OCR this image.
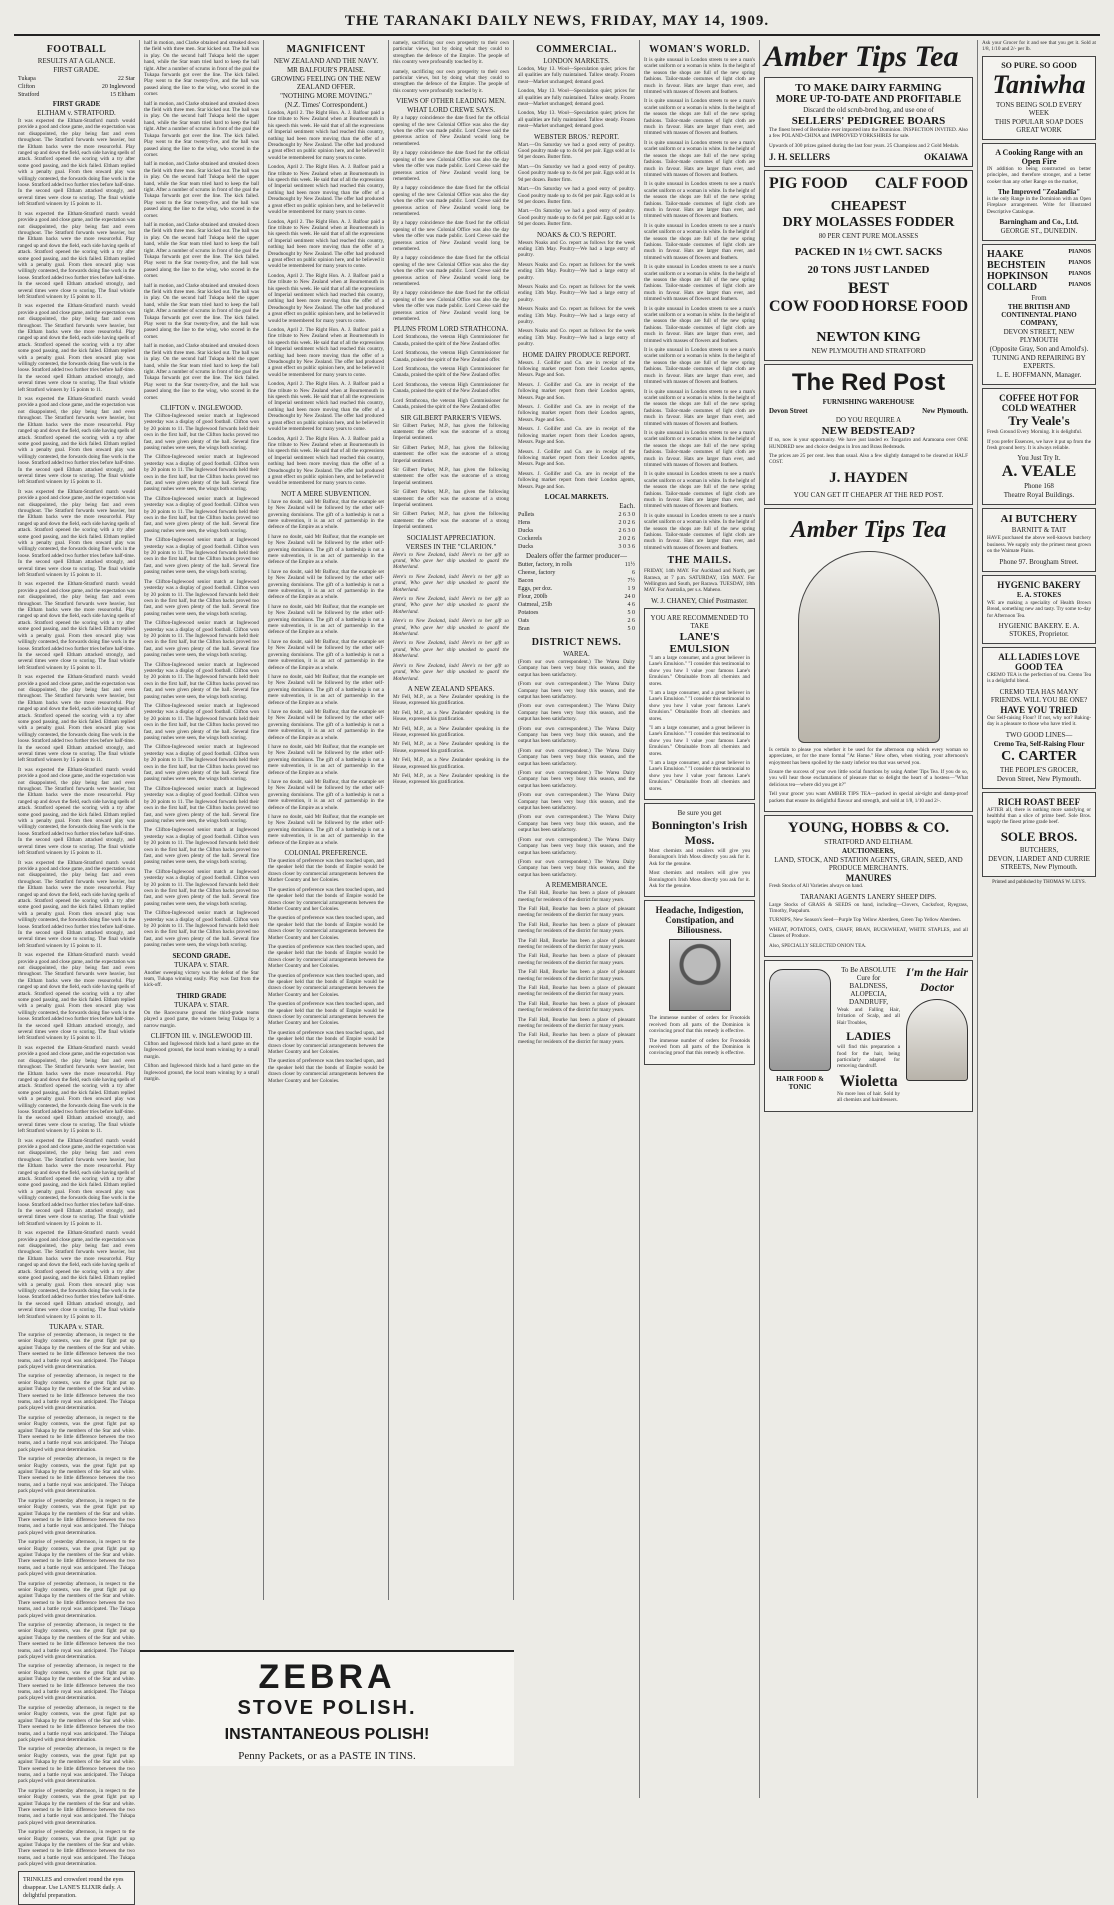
THE TARANAKI DAILY NEWS, FRIDAY, MAY 14, 1909.
FOOTBALL
RESULTS AT A GLANCE.
FIRST GRADE.
Tukapa	22 Star
Clifton	20 Inglewood
Stratford	15 Eltham
FIRST GRADE
ELTHAM v. STRATFORD.

It was expected the Eltham-Stratford match would provide a good and close game, and the expectation was not disappointed, the play being fast and even throughout. The Stratford forwards were heavier, but the Eltham backs were the more resourceful. Play ranged up and down the field, each side having spells of attack. Stratford opened the scoring with a try after some good passing, and the kick failed. Eltham replied with a penalty goal. From then onward play was willingly contested, the forwards doing fine work in the loose. Stratford added two further tries before half-time. In the second spell Eltham attacked strongly, and several times were close to scoring. The final whistle left Stratford winners by 15 points to 11.

It was expected the Eltham-Stratford match would provide a good and close game, and the expectation was not disappointed, the play being fast and even throughout. The Stratford forwards were heavier, but the Eltham backs were the more resourceful. Play ranged up and down the field, each side having spells of attack. Stratford opened the scoring with a try after some good passing, and the kick failed. Eltham replied with a penalty goal. From then onward play was willingly contested, the forwards doing fine work in the loose. Stratford added two further tries before half-time. In the second spell Eltham attacked strongly, and several times were close to scoring. The final whistle left Stratford winners by 15 points to 11.

It was expected the Eltham-Stratford match would provide a good and close game, and the expectation was not disappointed, the play being fast and even throughout. The Stratford forwards were heavier, but the Eltham backs were the more resourceful. Play ranged up and down the field, each side having spells of attack. Stratford opened the scoring with a try after some good passing, and the kick failed. Eltham replied with a penalty goal. From then onward play was willingly contested, the forwards doing fine work in the loose. Stratford added two further tries before half-time. In the second spell Eltham attacked strongly, and several times were close to scoring. The final whistle left Stratford winners by 15 points to 11.

It was expected the Eltham-Stratford match would provide a good and close game, and the expectation was not disappointed, the play being fast and even throughout. The Stratford forwards were heavier, but the Eltham backs were the more resourceful. Play ranged up and down the field, each side having spells of attack. Stratford opened the scoring with a try after some good passing, and the kick failed. Eltham replied with a penalty goal. From then onward play was willingly contested, the forwards doing fine work in the loose. Stratford added two further tries before half-time. In the second spell Eltham attacked strongly, and several times were close to scoring. The final whistle left Stratford winners by 15 points to 11.

It was expected the Eltham-Stratford match would provide a good and close game, and the expectation was not disappointed, the play being fast and even throughout. The Stratford forwards were heavier, but the Eltham backs were the more resourceful. Play ranged up and down the field, each side having spells of attack. Stratford opened the scoring with a try after some good passing, and the kick failed. Eltham replied with a penalty goal. From then onward play was willingly contested, the forwards doing fine work in the loose. Stratford added two further tries before half-time. In the second spell Eltham attacked strongly, and several times were close to scoring. The final whistle left Stratford winners by 15 points to 11.

It was expected the Eltham-Stratford match would provide a good and close game, and the expectation was not disappointed, the play being fast and even throughout. The Stratford forwards were heavier, but the Eltham backs were the more resourceful. Play ranged up and down the field, each side having spells of attack. Stratford opened the scoring with a try after some good passing, and the kick failed. Eltham replied with a penalty goal. From then onward play was willingly contested, the forwards doing fine work in the loose. Stratford added two further tries before half-time. In the second spell Eltham attacked strongly, and several times were close to scoring. The final whistle left Stratford winners by 15 points to 11.

It was expected the Eltham-Stratford match would provide a good and close game, and the expectation was not disappointed, the play being fast and even throughout. The Stratford forwards were heavier, but the Eltham backs were the more resourceful. Play ranged up and down the field, each side having spells of attack. Stratford opened the scoring with a try after some good passing, and the kick failed. Eltham replied with a penalty goal. From then onward play was willingly contested, the forwards doing fine work in the loose. Stratford added two further tries before half-time. In the second spell Eltham attacked strongly, and several times were close to scoring. The final whistle left Stratford winners by 15 points to 11.

It was expected the Eltham-Stratford match would provide a good and close game, and the expectation was not disappointed, the play being fast and even throughout. The Stratford forwards were heavier, but the Eltham backs were the more resourceful. Play ranged up and down the field, each side having spells of attack. Stratford opened the scoring with a try after some good passing, and the kick failed. Eltham replied with a penalty goal. From then onward play was willingly contested, the forwards doing fine work in the loose. Stratford added two further tries before half-time. In the second spell Eltham attacked strongly, and several times were close to scoring. The final whistle left Stratford winners by 15 points to 11.

It was expected the Eltham-Stratford match would provide a good and close game, and the expectation was not disappointed, the play being fast and even throughout. The Stratford forwards were heavier, but the Eltham backs were the more resourceful. Play ranged up and down the field, each side having spells of attack. Stratford opened the scoring with a try after some good passing, and the kick failed. Eltham replied with a penalty goal. From then onward play was willingly contested, the forwards doing fine work in the loose. Stratford added two further tries before half-time. In the second spell Eltham attacked strongly, and several times were close to scoring. The final whistle left Stratford winners by 15 points to 11.

It was expected the Eltham-Stratford match would provide a good and close game, and the expectation was not disappointed, the play being fast and even throughout. The Stratford forwards were heavier, but the Eltham backs were the more resourceful. Play ranged up and down the field, each side having spells of attack. Stratford opened the scoring with a try after some good passing, and the kick failed. Eltham replied with a penalty goal. From then onward play was willingly contested, the forwards doing fine work in the loose. Stratford added two further tries before half-time. In the second spell Eltham attacked strongly, and several times were close to scoring. The final whistle left Stratford winners by 15 points to 11.

It was expected the Eltham-Stratford match would provide a good and close game, and the expectation was not disappointed, the play being fast and even throughout. The Stratford forwards were heavier, but the Eltham backs were the more resourceful. Play ranged up and down the field, each side having spells of attack. Stratford opened the scoring with a try after some good passing, and the kick failed. Eltham replied with a penalty goal. From then onward play was willingly contested, the forwards doing fine work in the loose. Stratford added two further tries before half-time. In the second spell Eltham attacked strongly, and several times were close to scoring. The final whistle left Stratford winners by 15 points to 11.

It was expected the Eltham-Stratford match would provide a good and close game, and the expectation was not disappointed, the play being fast and even throughout. The Stratford forwards were heavier, but the Eltham backs were the more resourceful. Play ranged up and down the field, each side having spells of attack. Stratford opened the scoring with a try after some good passing, and the kick failed. Eltham replied with a penalty goal. From then onward play was willingly contested, the forwards doing fine work in the loose. Stratford added two further tries before half-time. In the second spell Eltham attacked strongly, and several times were close to scoring. The final whistle left Stratford winners by 15 points to 11.

It was expected the Eltham-Stratford match would provide a good and close game, and the expectation was not disappointed, the play being fast and even throughout. The Stratford forwards were heavier, but the Eltham backs were the more resourceful. Play ranged up and down the field, each side having spells of attack. Stratford opened the scoring with a try after some good passing, and the kick failed. Eltham replied with a penalty goal. From then onward play was willingly contested, the forwards doing fine work in the loose. Stratford added two further tries before half-time. In the second spell Eltham attacked strongly, and several times were close to scoring. The final whistle left Stratford winners by 15 points to 11.

TUKAPA v. STAR.

The surprise of yesterday afternoon, in respect to the senior Rugby contests, was the great fight put up against Tukapa by the members of the Star and white. There seemed to be little difference between the two teams, and a battle royal was anticipated. The Tukapa pack played with great determination.

The surprise of yesterday afternoon, in respect to the senior Rugby contests, was the great fight put up against Tukapa by the members of the Star and white. There seemed to be little difference between the two teams, and a battle royal was anticipated. The Tukapa pack played with great determination.

The surprise of yesterday afternoon, in respect to the senior Rugby contests, was the great fight put up against Tukapa by the members of the Star and white. There seemed to be little difference between the two teams, and a battle royal was anticipated. The Tukapa pack played with great determination.

The surprise of yesterday afternoon, in respect to the senior Rugby contests, was the great fight put up against Tukapa by the members of the Star and white. There seemed to be little difference between the two teams, and a battle royal was anticipated. The Tukapa pack played with great determination.

The surprise of yesterday afternoon, in respect to the senior Rugby contests, was the great fight put up against Tukapa by the members of the Star and white. There seemed to be little difference between the two teams, and a battle royal was anticipated. The Tukapa pack played with great determination.

The surprise of yesterday afternoon, in respect to the senior Rugby contests, was the great fight put up against Tukapa by the members of the Star and white. There seemed to be little difference between the two teams, and a battle royal was anticipated. The Tukapa pack played with great determination.

The surprise of yesterday afternoon, in respect to the senior Rugby contests, was the great fight put up against Tukapa by the members of the Star and white. There seemed to be little difference between the two teams, and a battle royal was anticipated. The Tukapa pack played with great determination.

The surprise of yesterday afternoon, in respect to the senior Rugby contests, was the great fight put up against Tukapa by the members of the Star and white. There seemed to be little difference between the two teams, and a battle royal was anticipated. The Tukapa pack played with great determination.

The surprise of yesterday afternoon, in respect to the senior Rugby contests, was the great fight put up against Tukapa by the members of the Star and white. There seemed to be little difference between the two teams, and a battle royal was anticipated. The Tukapa pack played with great determination.

The surprise of yesterday afternoon, in respect to the senior Rugby contests, was the great fight put up against Tukapa by the members of the Star and white. There seemed to be little difference between the two teams, and a battle royal was anticipated. The Tukapa pack played with great determination.

The surprise of yesterday afternoon, in respect to the senior Rugby contests, was the great fight put up against Tukapa by the members of the Star and white. There seemed to be little difference between the two teams, and a battle royal was anticipated. The Tukapa pack played with great determination.

The surprise of yesterday afternoon, in respect to the senior Rugby contests, was the great fight put up against Tukapa by the members of the Star and white. There seemed to be little difference between the two teams, and a battle royal was anticipated. The Tukapa pack played with great determination.

The surprise of yesterday afternoon, in respect to the senior Rugby contests, was the great fight put up against Tukapa by the members of the Star and white. There seemed to be little difference between the two teams, and a battle royal was anticipated. The Tukapa pack played with great determination.

TRINKLES and crowsfeet round the eyes disappear. Use LANE'S ELIXIR daily. A delightful preparation.

half in motion, and Clarke obtained and streaked down the field with three men. Star kicked out. The ball was in play. On the second half Tukapa held the upper hand, while the Star team tried hard to keep the ball tight. After a number of scrums in front of the goal the Tukapa forwards got over the line. The kick failed. Play went to the Star twenty-five, and the ball was passed along the line to the wing, who scored in the corner.

half in motion, and Clarke obtained and streaked down the field with three men. Star kicked out. The ball was in play. On the second half Tukapa held the upper hand, while the Star team tried hard to keep the ball tight. After a number of scrums in front of the goal the Tukapa forwards got over the line. The kick failed. Play went to the Star twenty-five, and the ball was passed along the line to the wing, who scored in the corner.

half in motion, and Clarke obtained and streaked down the field with three men. Star kicked out. The ball was in play. On the second half Tukapa held the upper hand, while the Star team tried hard to keep the ball tight. After a number of scrums in front of the goal the Tukapa forwards got over the line. The kick failed. Play went to the Star twenty-five, and the ball was passed along the line to the wing, who scored in the corner.

half in motion, and Clarke obtained and streaked down the field with three men. Star kicked out. The ball was in play. On the second half Tukapa held the upper hand, while the Star team tried hard to keep the ball tight. After a number of scrums in front of the goal the Tukapa forwards got over the line. The kick failed. Play went to the Star twenty-five, and the ball was passed along the line to the wing, who scored in the corner.

half in motion, and Clarke obtained and streaked down the field with three men. Star kicked out. The ball was in play. On the second half Tukapa held the upper hand, while the Star team tried hard to keep the ball tight. After a number of scrums in front of the goal the Tukapa forwards got over the line. The kick failed. Play went to the Star twenty-five, and the ball was passed along the line to the wing, who scored in the corner.

half in motion, and Clarke obtained and streaked down the field with three men. Star kicked out. The ball was in play. On the second half Tukapa held the upper hand, while the Star team tried hard to keep the ball tight. After a number of scrums in front of the goal the Tukapa forwards got over the line. The kick failed. Play went to the Star twenty-five, and the ball was passed along the line to the wing, who scored in the corner.

CLIFTON v. INGLEWOOD.

The Clifton-Inglewood senior match at Inglewood yesterday was a display of good football. Clifton won by 20 points to 11. The Inglewood forwards held their own in the first half, but the Clifton backs proved too fast, and were given plenty of the ball. Several fine passing rushes were seen, the wings both scoring.

The Clifton-Inglewood senior match at Inglewood yesterday was a display of good football. Clifton won by 20 points to 11. The Inglewood forwards held their own in the first half, but the Clifton backs proved too fast, and were given plenty of the ball. Several fine passing rushes were seen, the wings both scoring.

The Clifton-Inglewood senior match at Inglewood yesterday was a display of good football. Clifton won by 20 points to 11. The Inglewood forwards held their own in the first half, but the Clifton backs proved too fast, and were given plenty of the ball. Several fine passing rushes were seen, the wings both scoring.

The Clifton-Inglewood senior match at Inglewood yesterday was a display of good football. Clifton won by 20 points to 11. The Inglewood forwards held their own in the first half, but the Clifton backs proved too fast, and were given plenty of the ball. Several fine passing rushes were seen, the wings both scoring.

The Clifton-Inglewood senior match at Inglewood yesterday was a display of good football. Clifton won by 20 points to 11. The Inglewood forwards held their own in the first half, but the Clifton backs proved too fast, and were given plenty of the ball. Several fine passing rushes were seen, the wings both scoring.

The Clifton-Inglewood senior match at Inglewood yesterday was a display of good football. Clifton won by 20 points to 11. The Inglewood forwards held their own in the first half, but the Clifton backs proved too fast, and were given plenty of the ball. Several fine passing rushes were seen, the wings both scoring.

The Clifton-Inglewood senior match at Inglewood yesterday was a display of good football. Clifton won by 20 points to 11. The Inglewood forwards held their own in the first half, but the Clifton backs proved too fast, and were given plenty of the ball. Several fine passing rushes were seen, the wings both scoring.

The Clifton-Inglewood senior match at Inglewood yesterday was a display of good football. Clifton won by 20 points to 11. The Inglewood forwards held their own in the first half, but the Clifton backs proved too fast, and were given plenty of the ball. Several fine passing rushes were seen, the wings both scoring.

The Clifton-Inglewood senior match at Inglewood yesterday was a display of good football. Clifton won by 20 points to 11. The Inglewood forwards held their own in the first half, but the Clifton backs proved too fast, and were given plenty of the ball. Several fine passing rushes were seen, the wings both scoring.

The Clifton-Inglewood senior match at Inglewood yesterday was a display of good football. Clifton won by 20 points to 11. The Inglewood forwards held their own in the first half, but the Clifton backs proved too fast, and were given plenty of the ball. Several fine passing rushes were seen, the wings both scoring.

The Clifton-Inglewood senior match at Inglewood yesterday was a display of good football. Clifton won by 20 points to 11. The Inglewood forwards held their own in the first half, but the Clifton backs proved too fast, and were given plenty of the ball. Several fine passing rushes were seen, the wings both scoring.

The Clifton-Inglewood senior match at Inglewood yesterday was a display of good football. Clifton won by 20 points to 11. The Inglewood forwards held their own in the first half, but the Clifton backs proved too fast, and were given plenty of the ball. Several fine passing rushes were seen, the wings both scoring.

The Clifton-Inglewood senior match at Inglewood yesterday was a display of good football. Clifton won by 20 points to 11. The Inglewood forwards held their own in the first half, but the Clifton backs proved too fast, and were given plenty of the ball. Several fine passing rushes were seen, the wings both scoring.

SECOND GRADE.
TUKAPA v. STAR.

Another sweeping victory was the defeat of the Star team, Tukapa winning easily. Play was fast from the kick-off.

THIRD GRADE
TUKAPA v. STAR.

On the Racecourse ground the third-grade teams played a good game, the winners being Tukapa by a narrow margin.

CLIFTON III. v. INGLEWOOD III.

Clifton and Inglewood thirds had a hard game on the Inglewood ground, the local team winning by a small margin.

Clifton and Inglewood thirds had a hard game on the Inglewood ground, the local team winning by a small margin.

MAGNIFICENT
NEW ZEALAND AND THE NAVY.
MR BALFOUR'S PRAISE.
GROWING FEELING ON THE NEW ZEALAND OFFER.
"NOTHING MORE MOVING."
(N.Z. Times' Correspondent.)

London, April 2. The Right Hon. A. J. Balfour paid a fine tribute to New Zealand when at Bournemouth in his speech this week. He said that of all the expressions of Imperial sentiment which had reached this country, nothing had been more moving than the offer of a Dreadnought by New Zealand. The offer had produced a great effect on public opinion here, and he believed it would be remembered for many years to come.

London, April 2. The Right Hon. A. J. Balfour paid a fine tribute to New Zealand when at Bournemouth in his speech this week. He said that of all the expressions of Imperial sentiment which had reached this country, nothing had been more moving than the offer of a Dreadnought by New Zealand. The offer had produced a great effect on public opinion here, and he believed it would be remembered for many years to come.

London, April 2. The Right Hon. A. J. Balfour paid a fine tribute to New Zealand when at Bournemouth in his speech this week. He said that of all the expressions of Imperial sentiment which had reached this country, nothing had been more moving than the offer of a Dreadnought by New Zealand. The offer had produced a great effect on public opinion here, and he believed it would be remembered for many years to come.

London, April 2. The Right Hon. A. J. Balfour paid a fine tribute to New Zealand when at Bournemouth in his speech this week. He said that of all the expressions of Imperial sentiment which had reached this country, nothing had been more moving than the offer of a Dreadnought by New Zealand. The offer had produced a great effect on public opinion here, and he believed it would be remembered for many years to come.

London, April 2. The Right Hon. A. J. Balfour paid a fine tribute to New Zealand when at Bournemouth in his speech this week. He said that of all the expressions of Imperial sentiment which had reached this country, nothing had been more moving than the offer of a Dreadnought by New Zealand. The offer had produced a great effect on public opinion here, and he believed it would be remembered for many years to come.

London, April 2. The Right Hon. A. J. Balfour paid a fine tribute to New Zealand when at Bournemouth in his speech this week. He said that of all the expressions of Imperial sentiment which had reached this country, nothing had been more moving than the offer of a Dreadnought by New Zealand. The offer had produced a great effect on public opinion here, and he believed it would be remembered for many years to come.

London, April 2. The Right Hon. A. J. Balfour paid a fine tribute to New Zealand when at Bournemouth in his speech this week. He said that of all the expressions of Imperial sentiment which had reached this country, nothing had been more moving than the offer of a Dreadnought by New Zealand. The offer had produced a great effect on public opinion here, and he believed it would be remembered for many years to come.

NOT A MERE SUBVENTION.

I have no doubt, said Mr Balfour, that the example set by New Zealand will be followed by the other self-governing dominions. The gift of a battleship is not a mere subvention, it is an act of partnership in the defence of the Empire as a whole.

I have no doubt, said Mr Balfour, that the example set by New Zealand will be followed by the other self-governing dominions. The gift of a battleship is not a mere subvention, it is an act of partnership in the defence of the Empire as a whole.

I have no doubt, said Mr Balfour, that the example set by New Zealand will be followed by the other self-governing dominions. The gift of a battleship is not a mere subvention, it is an act of partnership in the defence of the Empire as a whole.

I have no doubt, said Mr Balfour, that the example set by New Zealand will be followed by the other self-governing dominions. The gift of a battleship is not a mere subvention, it is an act of partnership in the defence of the Empire as a whole.

I have no doubt, said Mr Balfour, that the example set by New Zealand will be followed by the other self-governing dominions. The gift of a battleship is not a mere subvention, it is an act of partnership in the defence of the Empire as a whole.

I have no doubt, said Mr Balfour, that the example set by New Zealand will be followed by the other self-governing dominions. The gift of a battleship is not a mere subvention, it is an act of partnership in the defence of the Empire as a whole.

I have no doubt, said Mr Balfour, that the example set by New Zealand will be followed by the other self-governing dominions. The gift of a battleship is not a mere subvention, it is an act of partnership in the defence of the Empire as a whole.

I have no doubt, said Mr Balfour, that the example set by New Zealand will be followed by the other self-governing dominions. The gift of a battleship is not a mere subvention, it is an act of partnership in the defence of the Empire as a whole.

I have no doubt, said Mr Balfour, that the example set by New Zealand will be followed by the other self-governing dominions. The gift of a battleship is not a mere subvention, it is an act of partnership in the defence of the Empire as a whole.

I have no doubt, said Mr Balfour, that the example set by New Zealand will be followed by the other self-governing dominions. The gift of a battleship is not a mere subvention, it is an act of partnership in the defence of the Empire as a whole.

COLONIAL PREFERENCE.

The question of preference was then touched upon, and the speaker held that the bonds of Empire would be drawn closer by commercial arrangements between the Mother Country and her Colonies.

The question of preference was then touched upon, and the speaker held that the bonds of Empire would be drawn closer by commercial arrangements between the Mother Country and her Colonies.

The question of preference was then touched upon, and the speaker held that the bonds of Empire would be drawn closer by commercial arrangements between the Mother Country and her Colonies.

The question of preference was then touched upon, and the speaker held that the bonds of Empire would be drawn closer by commercial arrangements between the Mother Country and her Colonies.

The question of preference was then touched upon, and the speaker held that the bonds of Empire would be drawn closer by commercial arrangements between the Mother Country and her Colonies.

The question of preference was then touched upon, and the speaker held that the bonds of Empire would be drawn closer by commercial arrangements between the Mother Country and her Colonies.

The question of preference was then touched upon, and the speaker held that the bonds of Empire would be drawn closer by commercial arrangements between the Mother Country and her Colonies.

The question of preference was then touched upon, and the speaker held that the bonds of Empire would be drawn closer by commercial arrangements between the Mother Country and her Colonies.

namely, sacrificing our own prosperity to their own particular views, but by doing what they could to strengthen the defence of the Empire. The people of this country were profoundly touched by it.

namely, sacrificing our own prosperity to their own particular views, but by doing what they could to strengthen the defence of the Empire. The people of this country were profoundly touched by it.

VIEWS OF OTHER LEADING MEN.
WHAT LORD CREWE SAYS.

By a happy coincidence the date fixed for the official opening of the new Colonial Office was also the day when the offer was made public. Lord Crewe said the generous action of New Zealand would long be remembered.

By a happy coincidence the date fixed for the official opening of the new Colonial Office was also the day when the offer was made public. Lord Crewe said the generous action of New Zealand would long be remembered.

By a happy coincidence the date fixed for the official opening of the new Colonial Office was also the day when the offer was made public. Lord Crewe said the generous action of New Zealand would long be remembered.

By a happy coincidence the date fixed for the official opening of the new Colonial Office was also the day when the offer was made public. Lord Crewe said the generous action of New Zealand would long be remembered.

By a happy coincidence the date fixed for the official opening of the new Colonial Office was also the day when the offer was made public. Lord Crewe said the generous action of New Zealand would long be remembered.

By a happy coincidence the date fixed for the official opening of the new Colonial Office was also the day when the offer was made public. Lord Crewe said the generous action of New Zealand would long be remembered.

PLUNS FROM LORD STRATHCONA.

Lord Strathcona, the veteran High Commissioner for Canada, praised the spirit of the New Zealand offer.

Lord Strathcona, the veteran High Commissioner for Canada, praised the spirit of the New Zealand offer.

Lord Strathcona, the veteran High Commissioner for Canada, praised the spirit of the New Zealand offer.

Lord Strathcona, the veteran High Commissioner for Canada, praised the spirit of the New Zealand offer.

Lord Strathcona, the veteran High Commissioner for Canada, praised the spirit of the New Zealand offer.

SIR GILBERT PARKER'S VIEWS.

Sir Gilbert Parker, M.P., has given the following statement: the offer was the outcome of a strong Imperial sentiment.

Sir Gilbert Parker, M.P., has given the following statement: the offer was the outcome of a strong Imperial sentiment.

Sir Gilbert Parker, M.P., has given the following statement: the offer was the outcome of a strong Imperial sentiment.

Sir Gilbert Parker, M.P., has given the following statement: the offer was the outcome of a strong Imperial sentiment.

Sir Gilbert Parker, M.P., has given the following statement: the offer was the outcome of a strong Imperial sentiment.

SOCIALIST APPRECIATION.
VERSES IN THE "CLARION."

Here's to New Zealand, lads! Here's to her gift so grand, Who gave her ship unasked to guard the Motherland.

Here's to New Zealand, lads! Here's to her gift so grand, Who gave her ship unasked to guard the Motherland.

Here's to New Zealand, lads! Here's to her gift so grand, Who gave her ship unasked to guard the Motherland.

Here's to New Zealand, lads! Here's to her gift so grand, Who gave her ship unasked to guard the Motherland.

Here's to New Zealand, lads! Here's to her gift so grand, Who gave her ship unasked to guard the Motherland.

Here's to New Zealand, lads! Here's to her gift so grand, Who gave her ship unasked to guard the Motherland.

A NEW ZEALAND SPEAKS.

Mr Fell, M.P., as a New Zealander speaking in the House, expressed his gratification.

Mr Fell, M.P., as a New Zealander speaking in the House, expressed his gratification.

Mr Fell, M.P., as a New Zealander speaking in the House, expressed his gratification.

Mr Fell, M.P., as a New Zealander speaking in the House, expressed his gratification.

Mr Fell, M.P., as a New Zealander speaking in the House, expressed his gratification.

Mr Fell, M.P., as a New Zealander speaking in the House, expressed his gratification.

ZEBRA
STOVE POLISH.
INSTANTANEOUS POLISH!
Penny Packets, or as a PASTE IN TINS.
COMMERCIAL.
LONDON MARKETS.

London, May 13. Wool—Speculation quiet; prices for all qualities are fully maintained. Tallow steady. Frozen meat—Market unchanged; demand good.

London, May 13. Wool—Speculation quiet; prices for all qualities are fully maintained. Tallow steady. Frozen meat—Market unchanged; demand good.

London, May 13. Wool—Speculation quiet; prices for all qualities are fully maintained. Tallow steady. Frozen meat—Market unchanged; demand good.

WEBSTER BROS.' REPORT.

Mart.—On Saturday we had a good entry of poultry. Good poultry made up to 4s 6d per pair. Eggs sold at 1s 9d per dozen. Butter firm.

Mart.—On Saturday we had a good entry of poultry. Good poultry made up to 4s 6d per pair. Eggs sold at 1s 9d per dozen. Butter firm.

Mart.—On Saturday we had a good entry of poultry. Good poultry made up to 4s 6d per pair. Eggs sold at 1s 9d per dozen. Butter firm.

Mart.—On Saturday we had a good entry of poultry. Good poultry made up to 4s 6d per pair. Eggs sold at 1s 9d per dozen. Butter firm.

NOAKS & CO.'S REPORT.

Messrs Noaks and Co. report as follows for the week ending 13th May. Poultry—We had a large entry of poultry.

Messrs Noaks and Co. report as follows for the week ending 13th May. Poultry—We had a large entry of poultry.

Messrs Noaks and Co. report as follows for the week ending 13th May. Poultry—We had a large entry of poultry.

Messrs Noaks and Co. report as follows for the week ending 13th May. Poultry—We had a large entry of poultry.

Messrs Noaks and Co. report as follows for the week ending 13th May. Poultry—We had a large entry of poultry.

HOME DAIRY PRODUCE REPORT.

Messrs. J. Gollifer and Co. are in receipt of the following market report from their London agents, Messrs. Page and Son.

Messrs. J. Gollifer and Co. are in receipt of the following market report from their London agents, Messrs. Page and Son.

Messrs. J. Gollifer and Co. are in receipt of the following market report from their London agents, Messrs. Page and Son.

Messrs. J. Gollifer and Co. are in receipt of the following market report from their London agents, Messrs. Page and Son.

Messrs. J. Gollifer and Co. are in receipt of the following market report from their London agents, Messrs. Page and Son.

Messrs. J. Gollifer and Co. are in receipt of the following market report from their London agents, Messrs. Page and Son.

LOCAL MARKETS.
Each.
Pullets	2 6 3 0
Hens	2 0 2 6
Ducks	2 6 3 0
Cockerels	2 0 2 6
Ducks	3 0 3 6
Dealers offer the farmer producer—
Butter, factory, in rolls	11½
Cheese, factory	6
Bacon	7½
Eggs, per doz.	1 9
Flour, 200lb	24 0
Oatmeal, 25lb	4 6
Potatoes	5 0
Oats	2 6
Bran	5 0
DISTRICT NEWS.
WAREA.

(From our own correspondent.) The Warea Dairy Company has been very busy this season, and the output has been satisfactory.

(From our own correspondent.) The Warea Dairy Company has been very busy this season, and the output has been satisfactory.

(From our own correspondent.) The Warea Dairy Company has been very busy this season, and the output has been satisfactory.

(From our own correspondent.) The Warea Dairy Company has been very busy this season, and the output has been satisfactory.

(From our own correspondent.) The Warea Dairy Company has been very busy this season, and the output has been satisfactory.

(From our own correspondent.) The Warea Dairy Company has been very busy this season, and the output has been satisfactory.

(From our own correspondent.) The Warea Dairy Company has been very busy this season, and the output has been satisfactory.

(From our own correspondent.) The Warea Dairy Company has been very busy this season, and the output has been satisfactory.

(From our own correspondent.) The Warea Dairy Company has been very busy this season, and the output has been satisfactory.

(From our own correspondent.) The Warea Dairy Company has been very busy this season, and the output has been satisfactory.

A REMEMBRANCE.

The Fall Hall, Bourke has been a place of pleasant meeting for residents of the district for many years.

The Fall Hall, Bourke has been a place of pleasant meeting for residents of the district for many years.

The Fall Hall, Bourke has been a place of pleasant meeting for residents of the district for many years.

The Fall Hall, Bourke has been a place of pleasant meeting for residents of the district for many years.

The Fall Hall, Bourke has been a place of pleasant meeting for residents of the district for many years.

The Fall Hall, Bourke has been a place of pleasant meeting for residents of the district for many years.

The Fall Hall, Bourke has been a place of pleasant meeting for residents of the district for many years.

The Fall Hall, Bourke has been a place of pleasant meeting for residents of the district for many years.

The Fall Hall, Bourke has been a place of pleasant meeting for residents of the district for many years.

The Fall Hall, Bourke has been a place of pleasant meeting for residents of the district for many years.

WOMAN'S WORLD.

It is quite unusual in London streets to see a man's scarlet uniform or a woman in white. In the height of the season the shops are full of the new spring fashions. Tailor-made costumes of light cloth are much in favour. Hats are larger than ever, and trimmed with masses of flowers and feathers.

It is quite unusual in London streets to see a man's scarlet uniform or a woman in white. In the height of the season the shops are full of the new spring fashions. Tailor-made costumes of light cloth are much in favour. Hats are larger than ever, and trimmed with masses of flowers and feathers.

It is quite unusual in London streets to see a man's scarlet uniform or a woman in white. In the height of the season the shops are full of the new spring fashions. Tailor-made costumes of light cloth are much in favour. Hats are larger than ever, and trimmed with masses of flowers and feathers.

It is quite unusual in London streets to see a man's scarlet uniform or a woman in white. In the height of the season the shops are full of the new spring fashions. Tailor-made costumes of light cloth are much in favour. Hats are larger than ever, and trimmed with masses of flowers and feathers.

It is quite unusual in London streets to see a man's scarlet uniform or a woman in white. In the height of the season the shops are full of the new spring fashions. Tailor-made costumes of light cloth are much in favour. Hats are larger than ever, and trimmed with masses of flowers and feathers.

It is quite unusual in London streets to see a man's scarlet uniform or a woman in white. In the height of the season the shops are full of the new spring fashions. Tailor-made costumes of light cloth are much in favour. Hats are larger than ever, and trimmed with masses of flowers and feathers.

It is quite unusual in London streets to see a man's scarlet uniform or a woman in white. In the height of the season the shops are full of the new spring fashions. Tailor-made costumes of light cloth are much in favour. Hats are larger than ever, and trimmed with masses of flowers and feathers.

It is quite unusual in London streets to see a man's scarlet uniform or a woman in white. In the height of the season the shops are full of the new spring fashions. Tailor-made costumes of light cloth are much in favour. Hats are larger than ever, and trimmed with masses of flowers and feathers.

It is quite unusual in London streets to see a man's scarlet uniform or a woman in white. In the height of the season the shops are full of the new spring fashions. Tailor-made costumes of light cloth are much in favour. Hats are larger than ever, and trimmed with masses of flowers and feathers.

It is quite unusual in London streets to see a man's scarlet uniform or a woman in white. In the height of the season the shops are full of the new spring fashions. Tailor-made costumes of light cloth are much in favour. Hats are larger than ever, and trimmed with masses of flowers and feathers.

It is quite unusual in London streets to see a man's scarlet uniform or a woman in white. In the height of the season the shops are full of the new spring fashions. Tailor-made costumes of light cloth are much in favour. Hats are larger than ever, and trimmed with masses of flowers and feathers.

It is quite unusual in London streets to see a man's scarlet uniform or a woman in white. In the height of the season the shops are full of the new spring fashions. Tailor-made costumes of light cloth are much in favour. Hats are larger than ever, and trimmed with masses of flowers and feathers.

THE MAILS.

FRIDAY, 14th MAY. For Auckland and North, per Rarawa, at 7 p.m. SATURDAY, 15th MAY. For Wellington and South, per Rarawa. TUESDAY, 18th MAY. For Australia, per s.s. Maheno.

W. J. CHANEY, Chief Postmaster.
YOU ARE RECOMMENDED TO TAKE
LANE'S EMULSION

"I am a large consumer, and a great believer in Lane's Emulsion." "I consider this testimonial to show you how I value your famous Lane's Emulsion." Obtainable from all chemists and stores.

"I am a large consumer, and a great believer in Lane's Emulsion." "I consider this testimonial to show you how I value your famous Lane's Emulsion." Obtainable from all chemists and stores.

"I am a large consumer, and a great believer in Lane's Emulsion." "I consider this testimonial to show you how I value your famous Lane's Emulsion." Obtainable from all chemists and stores.

"I am a large consumer, and a great believer in Lane's Emulsion." "I consider this testimonial to show you how I value your famous Lane's Emulsion." Obtainable from all chemists and stores.

Be sure you get
Bonnington's Irish Moss.

Most chemists and retailers will give you Bonnington's Irish Moss directly you ask for it. Ask for the genuine.

Most chemists and retailers will give you Bonnington's Irish Moss directly you ask for it. Ask for the genuine.

Headache, Indigestion, Constipation, and Biliousness.

The immense number of orders for Frootoids received from all parts of the Dominion is convincing proof that this remedy is effective.

The immense number of orders for Frootoids received from all parts of the Dominion is convincing proof that this remedy is effective.

Amber Tips Tea
TO MAKE DAIRY FARMING
MORE UP-TO-DATE AND PROFITABLE
Discard the old scrub-bred hog, and use one of
SELLERS' PEDIGREE BOARS

The finest breed of Berkshire ever imported into the Dominion. INSPECTION INVITED. Also a few POLAND-CHINA and IMPROVED YORKSHIRES for sale.

Upwards of 300 prizes gained during the last four years. 25 Champions and 2 Gold Medals.

J. H. SELLERS	OKAIAWA
PIG FOOD CALF FOOD
CHEAPEST
DRY MOLASSES FODDER
80 PER CENT PURE MOLASSES
PACKED IN 1½ CWT. SACKS
20 TONS JUST LANDED
BEST
COW FOOD HORSE FOOD
NEWTON KING
NEW PLYMOUTH AND STRATFORD
The Red Post
FURNISHING WAREHOUSE
Devon Street	New Plymouth.
DO YOU REQUIRE A
NEW BEDSTEAD?

If so, now is your opportunity. We have just landed ex Tongariro and Aramoana over ONE HUNDRED new and choice designs in Iron and Brass Bedsteads.

The prices are 25 per cent. less than usual. Also a few slightly damaged to be cleared at HALF COST.

J. HAYDEN
YOU CAN GET IT CHEAPER AT THE RED POST.
Amber Tips Tea

Is certain to please you whether it be used for the afternoon cup which every woman so appreciates, or for the more formal "At Home." How often, when visiting, your afternoon's enjoyment has been spoiled by the nasty inferior tea that was served you.

Ensure the success of your own little social functions by using Amber Tips Tea. If you do so, you will hear those exclamations of pleasure that so delight the heart of a hostess—"What delicious tea—where did you get it?"

Tell your grocer you want AMBER TIPS TEA—packed in special air-tight and damp-proof packets that ensure its delightful flavour and strength, and sold at 1/8, 1/10 and 2/-.

YOUNG, HOBBS & CO.
STRATFORD AND ELTHAM.
AUCTIONEERS,
LAND, STOCK, AND STATION AGENTS, GRAIN, SEED, AND PRODUCE MERCHANTS.
MANURES

Fresh Stocks of All Varieties always on hand.

TARANAKI AGENTS LANERY SHEEP DIPS.

Large Stocks of GRASS & SEEDS on hand, including—Clovers, Cocksfoot, Ryegrass, Timothy, Paspalum.

TURNIPS, New Season's Seed—Purple Top Yellow Aberdeen, Green Top Yellow Aberdeen.

WHEAT, POTATOES, OATS, CHAFF, BRAN, BUCKWHEAT, WHITE STAPLES, and all Classes of Produce.

Also, SPECIALLY SELECTED ONION TEA.

HAIR FOOD & TONIC
To Be ABSOLUTE Cure for BALDNESS, ALOPECIA, DANDRUFF,

Weak and Falling Hair, Irritation of Scalp, and all Hair Troubles,

LADIES

will find this preparation a food for the hair, being particularly adapted for removing dandruff.

Wioletta

No more loss of hair. Sold by all chemists and hairdressers.

I'm the Hair Doctor

Ask your Grocer for it and see that you get it. Sold at 1/8, 1/10 and 2/- per lb.

SO PURE. SO GOOD
Taniwha
TONS BEING SOLD EVERY WEEK
THIS POPULAR SOAP DOES GREAT WORK
A Cooking Range with an Open Fire

IN addition to being constructed on better principles, and therefore stronger, and a better cooker than any other Range on the market,

The Improved "Zealandia"

is the only Range in the Dominion with an Open Fireplace arrangement. Write for Illustrated Descriptive Catalogue.

Barningham and Co., Ltd.
GEORGE ST., DUNEDIN.
HAAKE	PIANOS
BECHSTEIN	PIANOS
HOPKINSON	PIANOS
COLLARD	PIANOS
From
THE BRITISH AND CONTINENTAL PIANO COMPANY,
DEVON STREET, NEW PLYMOUTH
(Opposite Gray, Son and Arnold's).
TUNING AND REPAIRING BY EXPERTS.
L. E. HOFFMANN, Manager.
COFFEE HOT FOR COLD WEATHER
Try Veale's

Fresh Ground Every Morning. It is delightful.

If you prefer Essences, we have it put up from the fresh ground berry. It is always reliable.

You Just Try It.
A. VEALE
Phone 168
Theatre Royal Buildings.
AI BUTCHERY
BARNITT & TAIT

HAVE purchased the above well-known butchery business. We supply only the primest meat grown on the Waimate Plains.

Phone 97. Brougham Street.
HYGENIC BAKERY
E. A. STOKES

WE are making a speciality of Health Brown Bread, something new and tasty. Try some to-day for Afternoon Tea.

HYGIENIC BAKERY. E. A. STOKES, Proprietor.
ALL LADIES LOVE GOOD TEA

CREMO TEA is the perfection of tea. Cremo Tea is a delightful blend.

CREMO TEA HAS MANY FRIENDS. WILL YOU BE ONE?
HAVE YOU TRIED

Our Self-raising Flour? If not, why not? Baking-day is a pleasure to those who have tried it.

TWO GOOD LINES—
Cremo Tea, Self-Raising Flour
C. CARTER
THE PEOPLE'S GROCER,
Devon Street, New Plymouth.
RICH ROAST BEEF

AFTER all, there is nothing more satisfying or healthful than a slice of prime beef. Sole Bros. supply the finest prime grade beef.

SOLE BROS.
BUTCHERS,
DEVON, LIARDET AND CURRIE STREETS, New Plymouth.
Printed and published by THOMAS W. LEYS.
